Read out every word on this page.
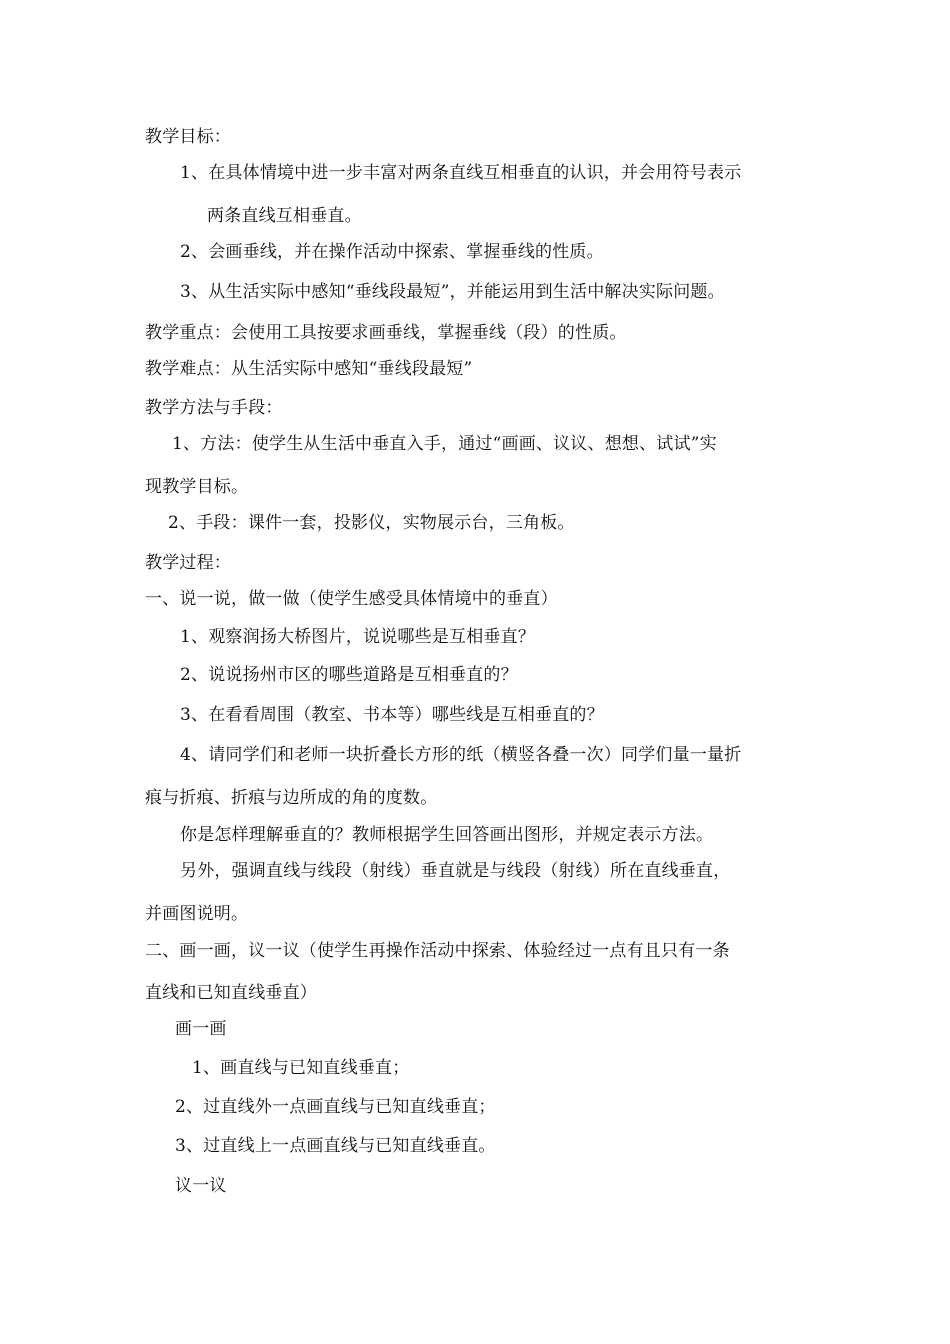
教学目标：
1、在具体情境中进一步丰富对两条直线互相垂直的认识，并会用符号表示
两条直线互相垂直。
2、会画垂线，并在操作活动中探索、掌握垂线的性质。
3、从生活实际中感知“垂线段最短”，并能运用到生活中解决实际问题。
教学重点：会使用工具按要求画垂线，掌握垂线（段）的性质。
教学难点：从生活实际中感知“垂线段最短”
教学方法与手段：
1、方法：使学生从生活中垂直入手，通过“画画、议议、想想、试试”实
现教学目标。
2、手段：课件一套，投影仪，实物展示台，三角板。
教学过程：
一、说一说，做一做（使学生感受具体情境中的垂直）
1、观察润扬大桥图片，说说哪些是互相垂直？
2、说说扬州市区的哪些道路是互相垂直的？
3、在看看周围（教室、书本等）哪些线是互相垂直的？
4、请同学们和老师一块折叠长方形的纸（横竖各叠一次）同学们量一量折
痕与折痕、折痕与边所成的角的度数。
你是怎样理解垂直的？教师根据学生回答画出图形，并规定表示方法。
另外，强调直线与线段（射线）垂直就是与线段（射线）所在直线垂直，
并画图说明。
二、画一画，议一议（使学生再操作活动中探索、体验经过一点有且只有一条
直线和已知直线垂直）
画一画
1、画直线与已知直线垂直；
2、过直线外一点画直线与已知直线垂直；
3、过直线上一点画直线与已知直线垂直。
议一议
